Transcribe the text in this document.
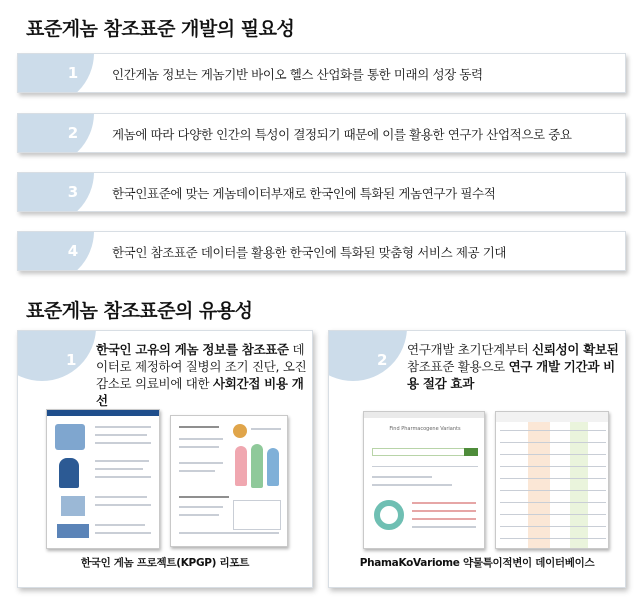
표준게놈 참조표준 개발의 필요성
1	인간게놈 정보는 게놈기반 바이오 헬스 산업화를 통한 미래의 성장 동력
2	게놈에 따라 다양한 인간의 특성이 결정되기 때문에 이를 활용한 연구가 산업적으로 중요
3	한국인표준에 맞는 게놈데이터부재로 한국인에 특화된 게놈연구가 필수적
4	한국인 참조표준 데이터를 활용한 한국인에 특화된 맞춤형 서비스 제공 기대
표준게놈 참조표준의 유용성
1
한국인 고유의 게놈 정보를 참조표준 데이터로 제정하여 질병의 조기 진단, 오진 감소로 의료비에 대한 사회간접 비용 개선
한국인 게놈 프로젝트(KPGP) 리포트
2
연구개발 초기단계부터 신뢰성이 확보된 참조표준 활용으로 연구 개발 기간과 비용 절감 효과
Find Pharmacogene Variants
PhamaKoVariome 약물특이적변이 데이터베이스
